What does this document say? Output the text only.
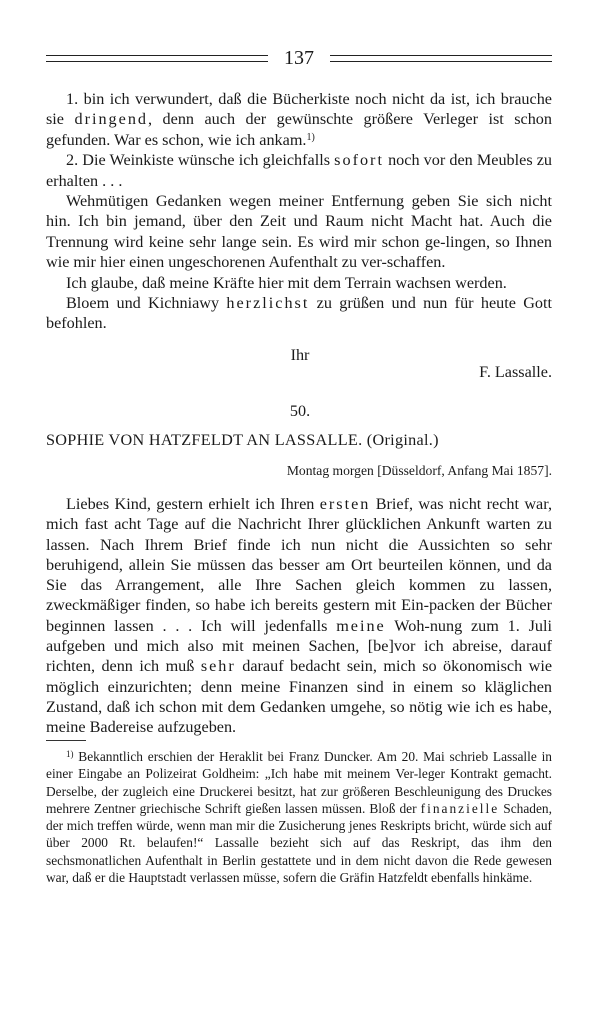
137

1. bin ich verwundert, daß die Bücherkiste noch nicht da ist, ich brauche sie dringend, denn auch der gewünschte größere Verleger ist schon gefunden. War es schon, wie ich ankam.$^{1)}$

2. Die Weinkiste wünsche ich gleichfalls sofort noch vor den Meubles zu erhalten . . .

Wehmütigen Gedanken wegen meiner Entfernung geben Sie sich nicht hin. Ich bin jemand, über den Zeit und Raum nicht Macht hat. Auch die Trennung wird keine sehr lange sein. Es wird mir schon ge-lingen, so Ihnen wie mir hier einen ungeschorenen Aufenthalt zu ver-schaffen.

Ich glaube, daß meine Kräfte hier mit dem Terrain wachsen werden.

Bloem und Kichniawy herzlichst zu grüßen und nun für heute Gott befohlen.

Ihr
F. Lassalle.
50.
SOPHIE VON HATZFELDT AN LASSALLE. (Original.)
Montag morgen [Düsseldorf, Anfang Mai 1857].

Liebes Kind, gestern erhielt ich Ihren ersten Brief, was nicht recht war, mich fast acht Tage auf die Nachricht Ihrer glücklichen Ankunft warten zu lassen. Nach Ihrem Brief finde ich nun nicht die Aussichten so sehr beruhigend, allein Sie müssen das besser am Ort beurteilen können, und da Sie das Arrangement, alle Ihre Sachen gleich kommen zu lassen, zweckmäßiger finden, so habe ich bereits gestern mit Ein-packen der Bücher beginnen lassen . . . Ich will jedenfalls meine Woh-nung zum 1. Juli aufgeben und mich also mit meinen Sachen, [be]vor ich abreise, darauf richten, denn ich muß sehr darauf bedacht sein, mich so ökonomisch wie möglich einzurichten; denn meine Finanzen sind in einem so kläglichen Zustand, daß ich schon mit dem Gedanken umgehe, so nötig wie ich es habe, meine Badereise aufzugeben.

$^{1)}$ Bekanntlich erschien der Heraklit bei Franz Duncker. Am 20. Mai schrieb Lassalle in einer Eingabe an Polizeirat Goldheim: „Ich habe mit meinem Ver-leger Kontrakt gemacht. Derselbe, der zugleich eine Druckerei besitzt, hat zur größeren Beschleunigung des Druckes mehrere Zentner griechische Schrift gießen lassen müssen. Bloß der finanzielle Schaden, der mich treffen würde, wenn man mir die Zusicherung jenes Reskripts bricht, würde sich auf über 2000 Rt. belaufen!“ Lassalle bezieht sich auf das Reskript, das ihm den sechsmonatlichen Aufenthalt in Berlin gestattete und in dem nicht davon die Rede gewesen war, daß er die Hauptstadt verlassen müsse, sofern die Gräfin Hatzfeldt ebenfalls hinkäme.
